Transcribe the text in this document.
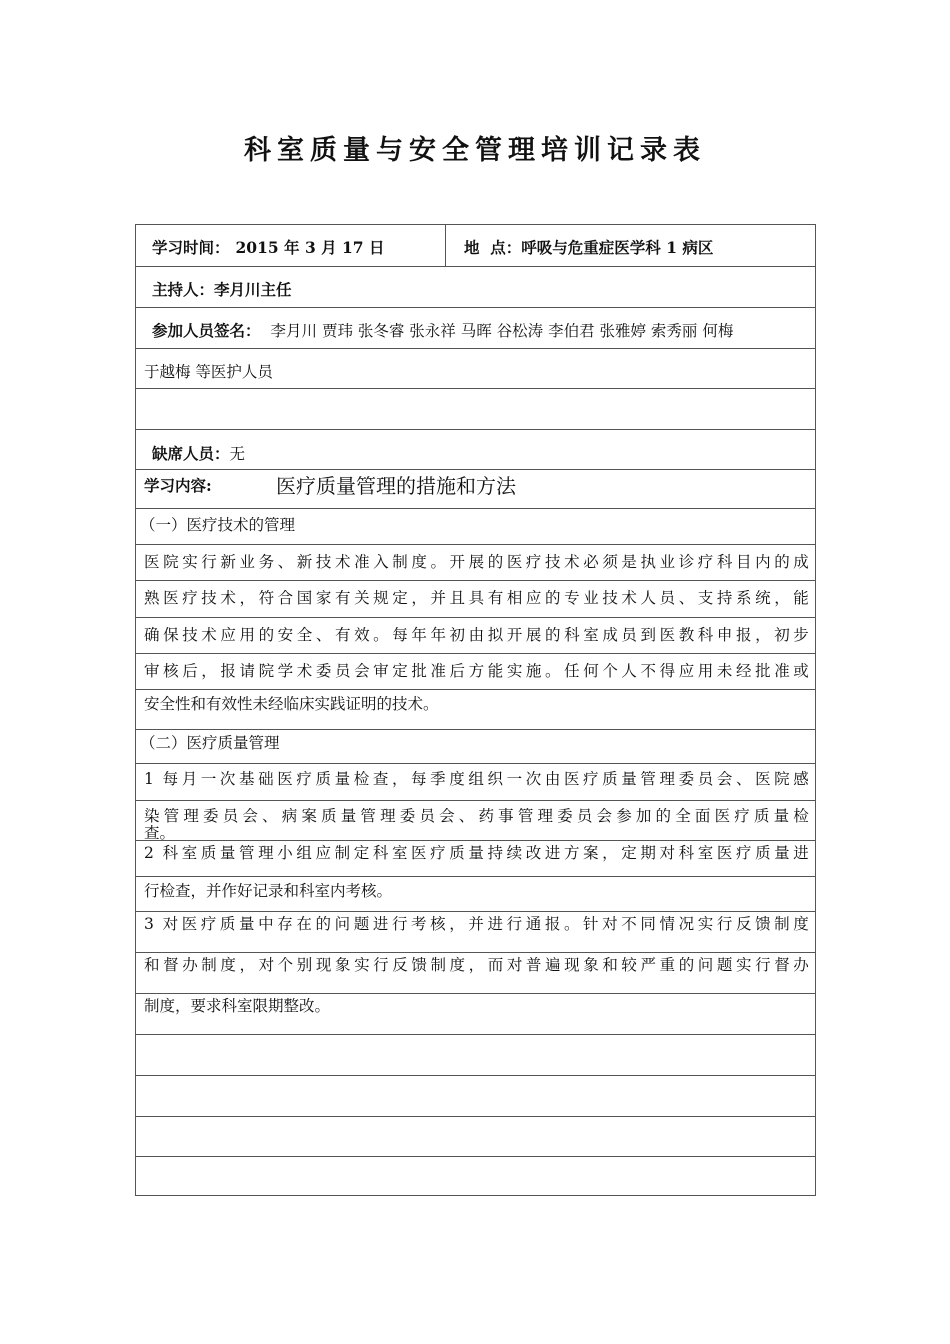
科室质量与安全管理培训记录表
学习时间： 2015 年 3 月 17 日	地  点：呼吸与危重症医学科 1 病区
主持人：李月川主任
参加人员签名： 李月川 贾玮 张冬睿 张永祥 马晖 谷松涛 李伯君 张雅婷 索秀丽 何梅
于越梅 等医护人员
缺席人员：无
学习内容:	医疗质量管理的措施和方法
（一）医疗技术的管理
医院实行新业务、新技术准入制度。开展的医疗技术必须是执业诊疗科目内的成
熟医疗技术，符合国家有关规定，并且具有相应的专业技术人员、支持系统，能
确保技术应用的安全、有效。每年年初由拟开展的科室成员到医教科申报，初步
审核后，报请院学术委员会审定批准后方能实施。任何个人不得应用未经批准或
安全性和有效性未经临床实践证明的技术。
（二）医疗质量管理
1 每月一次基础医疗质量检查，每季度组织一次由医疗质量管理委员会、医院感
染管理委员会、病案质量管理委员会、药事管理委员会参加的全面医疗质量检
查。
2 科室质量管理小组应制定科室医疗质量持续改进方案，定期对科室医疗质量进
行检查，并作好记录和科室内考核。
3 对医疗质量中存在的问题进行考核，并进行通报。针对不同情况实行反馈制度
和督办制度，对个别现象实行反馈制度，而对普遍现象和较严重的问题实行督办
制度，要求科室限期整改。
